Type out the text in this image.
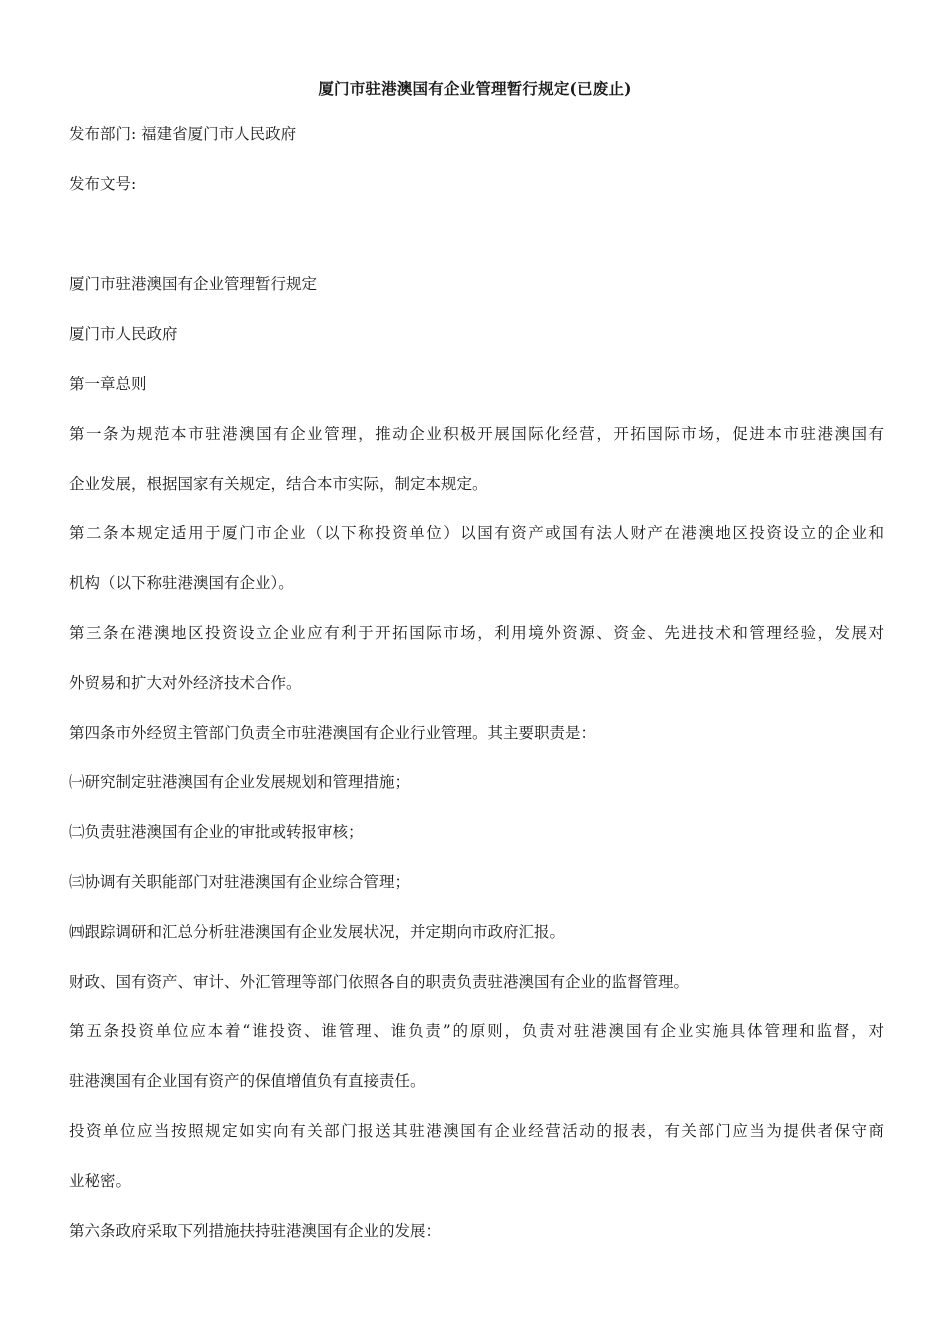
厦门市驻港澳国有企业管理暂行规定(已废止)
发布部门: 福建省厦门市人民政府
发布文号:
厦门市驻港澳国有企业管理暂行规定
厦门市人民政府
第一章总则
第一条为规范本市驻港澳国有企业管理，推动企业积极开展国际化经营，开拓国际市场，促进本市驻港澳国有
企业发展，根据国家有关规定，结合本市实际，制定本规定。
第二条本规定适用于厦门市企业（以下称投资单位）以国有资产或国有法人财产在港澳地区投资设立的企业和
机构（以下称驻港澳国有企业）。
第三条在港澳地区投资设立企业应有利于开拓国际市场，利用境外资源、资金、先进技术和管理经验，发展对
外贸易和扩大对外经济技术合作。
第四条市外经贸主管部门负责全市驻港澳国有企业行业管理。其主要职责是：
㈠研究制定驻港澳国有企业发展规划和管理措施；
㈡负责驻港澳国有企业的审批或转报审核；
㈢协调有关职能部门对驻港澳国有企业综合管理；
㈣跟踪调研和汇总分析驻港澳国有企业发展状况，并定期向市政府汇报。
财政、国有资产、审计、外汇管理等部门依照各自的职责负责驻港澳国有企业的监督管理。
第五条投资单位应本着“谁投资、谁管理、谁负责”的原则，负责对驻港澳国有企业实施具体管理和监督，对
驻港澳国有企业国有资产的保值增值负有直接责任。
投资单位应当按照规定如实向有关部门报送其驻港澳国有企业经营活动的报表，有关部门应当为提供者保守商
业秘密。
第六条政府采取下列措施扶持驻港澳国有企业的发展：
